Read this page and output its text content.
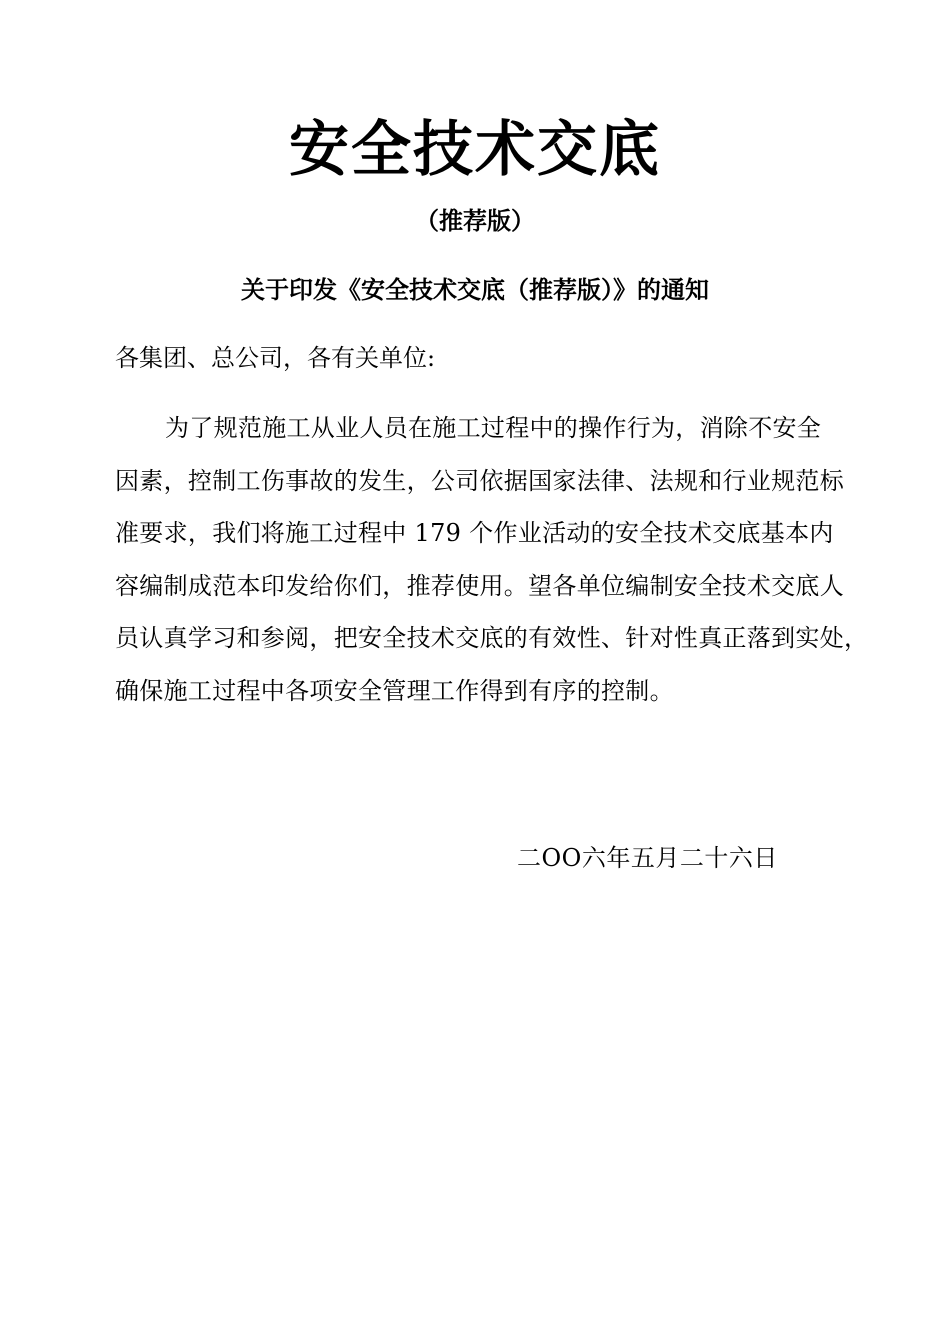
安全技术交底
（推荐版）
关于印发《安全技术交底（推荐版）》的通知
各集团、总公司，各有关单位:
为了规范施工从业人员在施工过程中的操作行为，消除不安全
因素，控制工伤事故的发生，公司依据国家法律、法规和行业规范标
准要求，我们将施工过程中 179 个作业活动的安全技术交底基本内
容编制成范本印发给你们，推荐使用。望各单位编制安全技术交底人
员认真学习和参阅，把安全技术交底的有效性、针对性真正落到实处，
确保施工过程中各项安全管理工作得到有序的控制。
二OO六年五月二十六日
